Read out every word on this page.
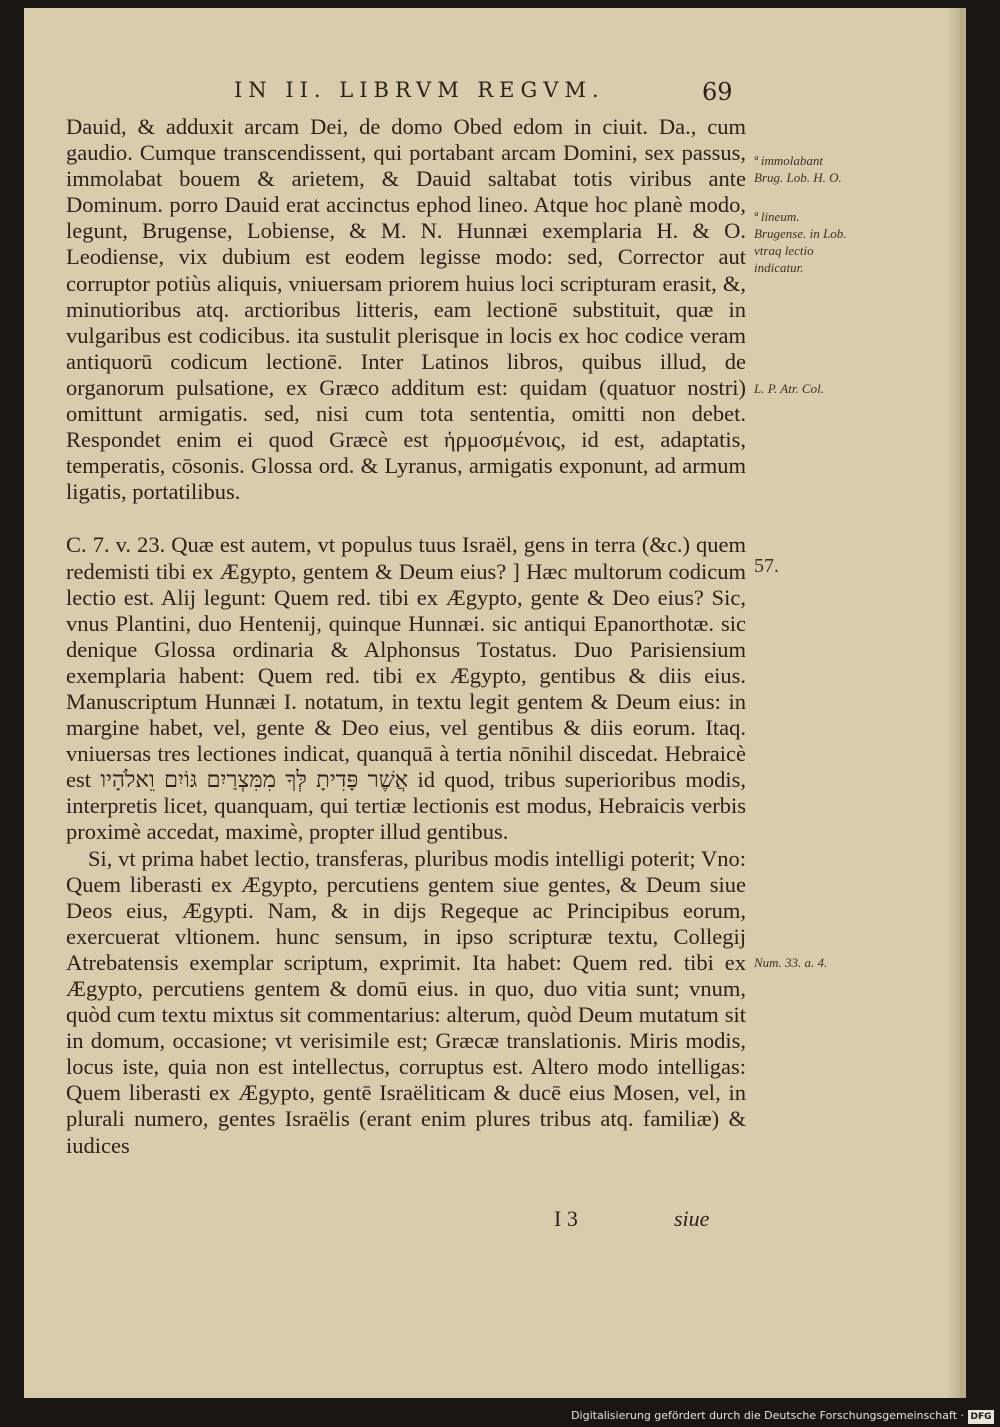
IN II. LIBRVM REGVM.	69

Dauid, & adduxit arcam Dei, de domo Obed edom in ciuit. Da., cum gaudio. Cumque transcendissent, qui portabant arcam Domini, sex passus, immolabat bouem & arietem, & Dauid saltabat totis viribus ante Dominum. porro Dauid erat accinctus ephod lineo. Atque hoc planè modo, legunt, Brugense, Lobiense, & M. N. Hunnæi exemplaria H. & O. Leodiense, vix dubium est eodem legisse modo: sed, Corrector aut corruptor potiùs aliquis, vniuersam priorem huius loci scripturam erasit, &, minutioribus atq. arctioribus litteris, eam lectionē substituit, quæ in vulgaribus est codicibus. ita sustulit plerisque in locis ex hoc codice veram antiquorū codicum lectionē. Inter Latinos libros, quibus illud, de organorum pulsatione, ex Græco additum est: quidam (quatuor nostri) omittunt armigatis. sed, nisi cum tota sententia, omitti non debet. Respondet enim ei quod Græcè est ἡρμοσμένοις, id est, adaptatis, temperatis, cōsonis. Glossa ord. & Lyranus, armigatis exponunt, ad armum ligatis, portatilibus.

C. 7. v. 23. Quæ est autem, vt populus tuus Israël, gens in terra (&c.) quem redemisti tibi ex Ægypto, gentem & Deum eius? ] Hæc multorum codicum lectio est. Alij legunt: Quem red. tibi ex Ægypto, gente & Deo eius? Sic, vnus Plantini, duo Hentenij, quinque Hunnæi. sic antiqui Epanorthotæ. sic denique Glossa ordinaria & Alphonsus Tostatus. Duo Parisiensium exemplaria habent: Quem red. tibi ex Ægypto, gentibus & diis eius. Manuscriptum Hunnæi I. notatum, in textu legit gentem & Deum eius: in margine habet, vel, gente & Deo eius, vel gentibus & diis eorum. Itaq. vniuersas tres lectiones indicat, quanquā à tertia nōnihil discedat. Hebraicè est אֲשֶׁר פָּדִיתָ לְּךָ מִמִּצְרַיִם גּוֹיִם וֵאלֹהָיו id quod, tribus superioribus modis, interpretis licet, quanquam, qui tertiæ lectionis est modus, Hebraicis verbis proximè accedat, maximè, propter illud gentibus.

Si, vt prima habet lectio, transferas, pluribus modis intelligi poterit; Vno: Quem liberasti ex Ægypto, percutiens gentem siue gentes, & Deum siue Deos eius, Ægypti. Nam, & in dijs Regeque ac Principibus eorum, exercuerat vltionem. hunc sensum, in ipso scripturæ textu, Collegij Atrebatensis exemplar scriptum, exprimit. Ita habet: Quem red. tibi ex Ægypto, percutiens gentem & domū eius. in quo, duo vitia sunt; vnum, quòd cum textu mixtus sit commentarius: alterum, quòd Deum mutatum sit in domum, occasione; vt verisimile est; Græcæ translationis. Miris modis, locus iste, quia non est intellectus, corruptus est. Altero modo intelligas: Quem liberasti ex Ægypto, gentē Israëliticam & ducē eius Mosen, vel, in plurali numero, gentes Israëlis (erant enim plures tribus atq. familiæ) & iudices

ª immolabant Brug. Lob. H. O.
ª lineum. Brugense. in Lob. vtraq lectio indicatur.
L. P. Atr. Col.
57.
Num. 33. a. 4.
I 3	siue
Digitalisierung gefördert durch die Deutsche Forschungsgemeinschaft · DFG
